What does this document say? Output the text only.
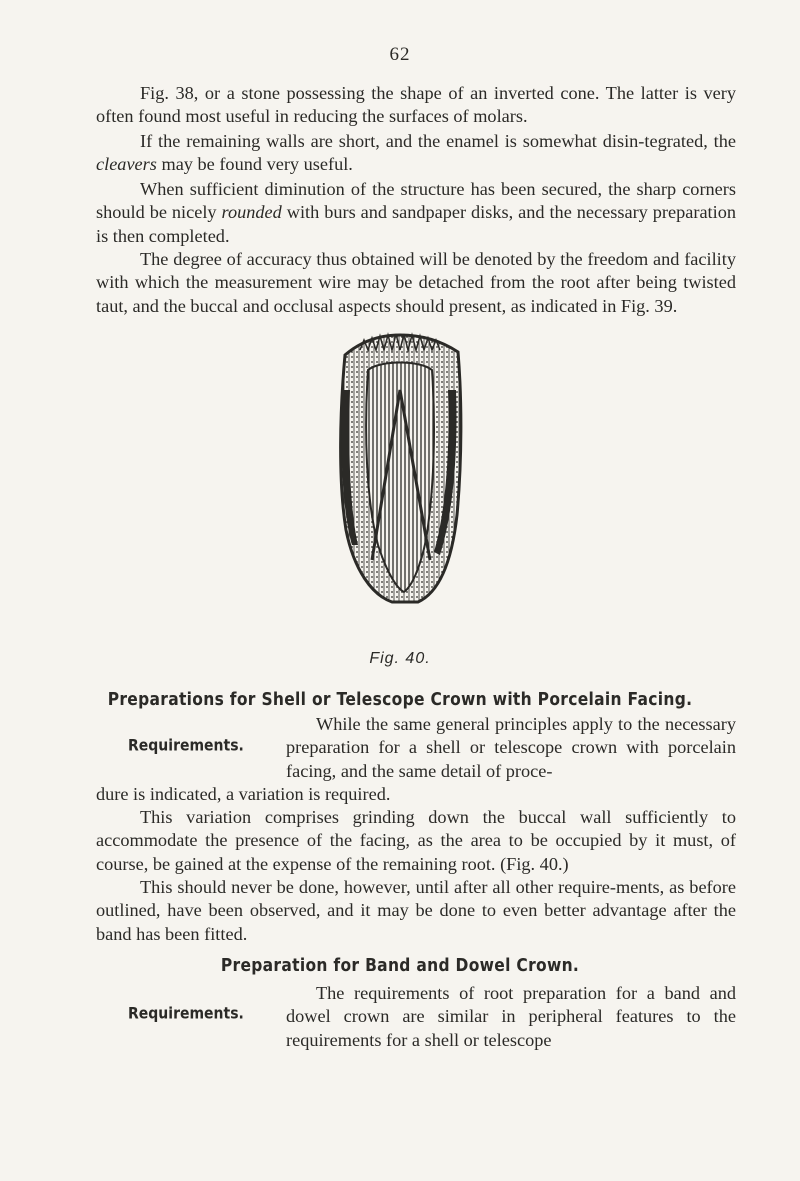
62

Fig. 38, or a stone possessing the shape of an inverted cone. The latter is very often found most useful in reducing the surfaces of molars.

If the remaining walls are short, and the enamel is somewhat disin-tegrated, the cleavers may be found very useful.

When sufficient diminution of the structure has been secured, the sharp corners should be nicely rounded with burs and sandpaper disks, and the necessary preparation is then completed.

The degree of accuracy thus obtained will be denoted by the freedom and facility with which the measurement wire may be detached from the root after being twisted taut, and the buccal and occlusal aspects should present, as indicated in Fig. 39.

Fig. 40.
Preparations for Shell or Telescope Crown with Porcelain Facing.
Requirements.

While the same general principles apply to the necessary preparation for a shell or telescope crown with porcelain facing, and the same detail of proce-

dure is indicated, a variation is required.

This variation comprises grinding down the buccal wall sufficiently to accommodate the presence of the facing, as the area to be occupied by it must, of course, be gained at the expense of the remaining root. (Fig. 40.)

This should never be done, however, until after all other require-ments, as before outlined, have been observed, and it may be done to even better advantage after the band has been fitted.

Preparation for Band and Dowel Crown.
Requirements.

The requirements of root preparation for a band and dowel crown are similar in peripheral features to the requirements for a shell or telescope
